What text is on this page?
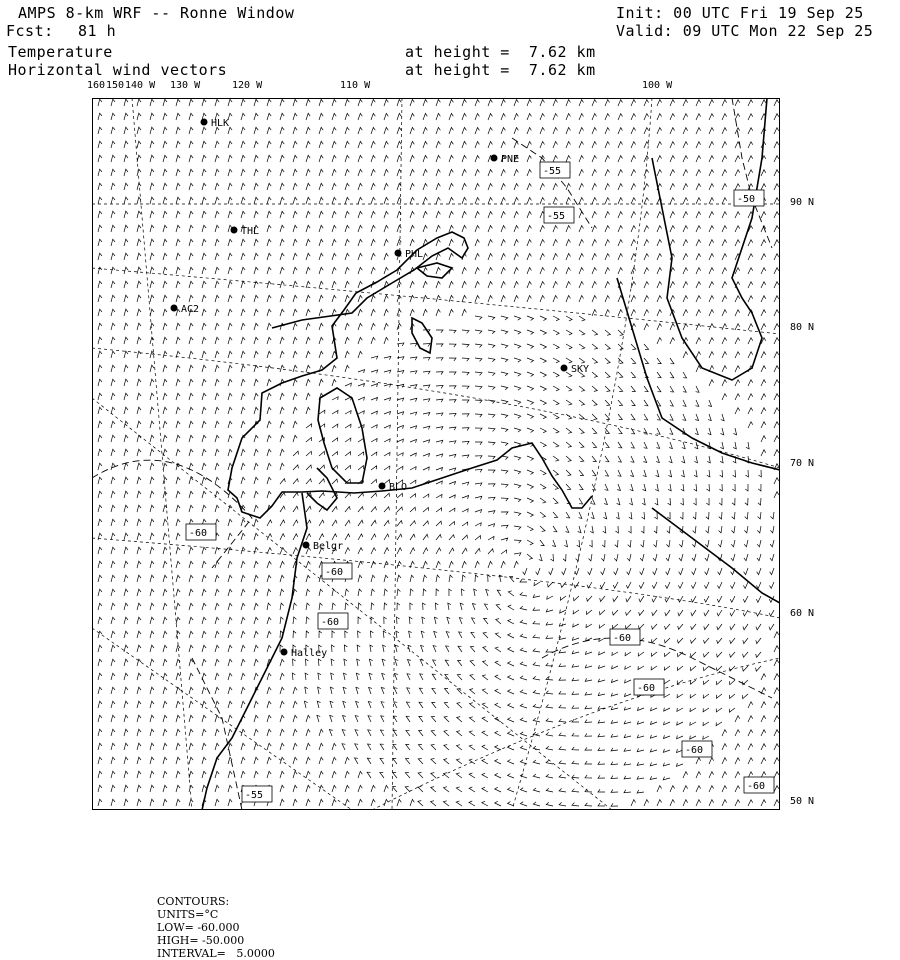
AMPS 8-km WRF -- Ronne Window	Init: 00 UTC Fri 19 Sep 25
Fcst: 81 h	Valid: 09 UTC Mon 22 Sep 25
Temperature	at height =  7.62 km
Horizontal wind vectors	at height =  7.62 km
160 150 140 W 130 W	120 W	110 W	100 W
90 N
80 N
70 N
60 N
50 N
-55
-55
-50
-60
-60
-60
-60
-60
-60
-60
-55
HLK
PNE
THL
PHL
AC2
SKY
BLO
Belgr
Halley

CONTOURS:
UNITS=°C
LOW= -60.000
HIGH= -50.000
INTERVAL=   5.0000
